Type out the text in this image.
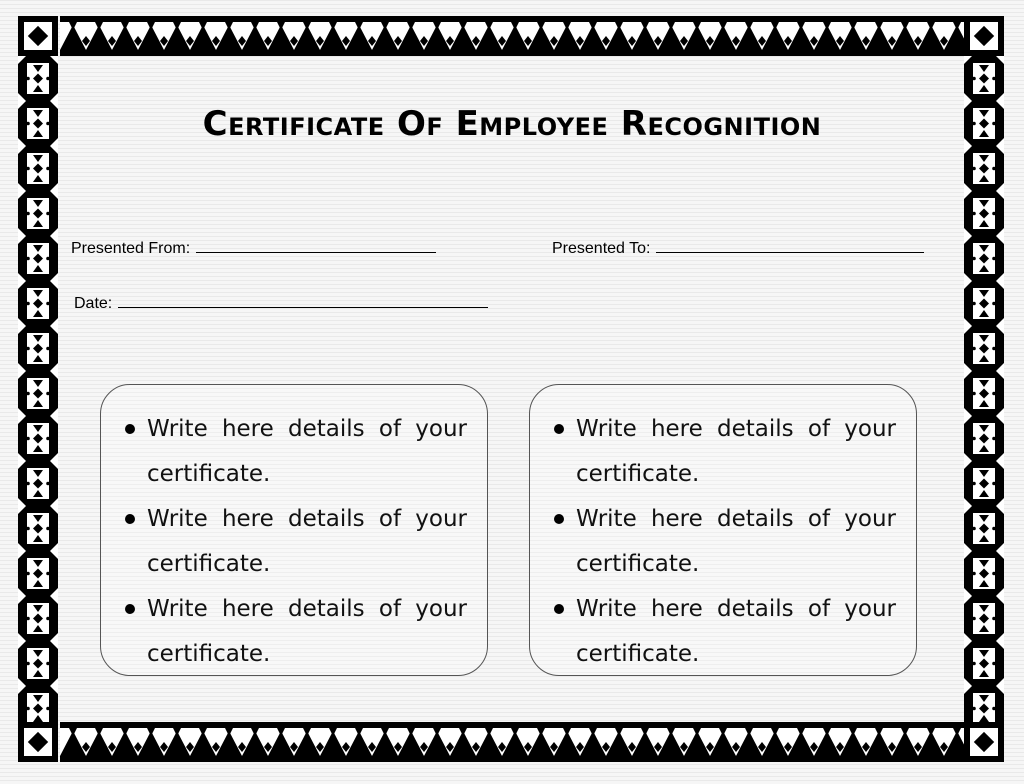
Certificate Of Employee Recognition
Presented From:	Presented To:
Date:
Write here details of your certificate.
Write here details of your certificate.
Write here details of your certificate.
Write here details of your certificate.
Write here details of your certificate.
Write here details of your certificate.
